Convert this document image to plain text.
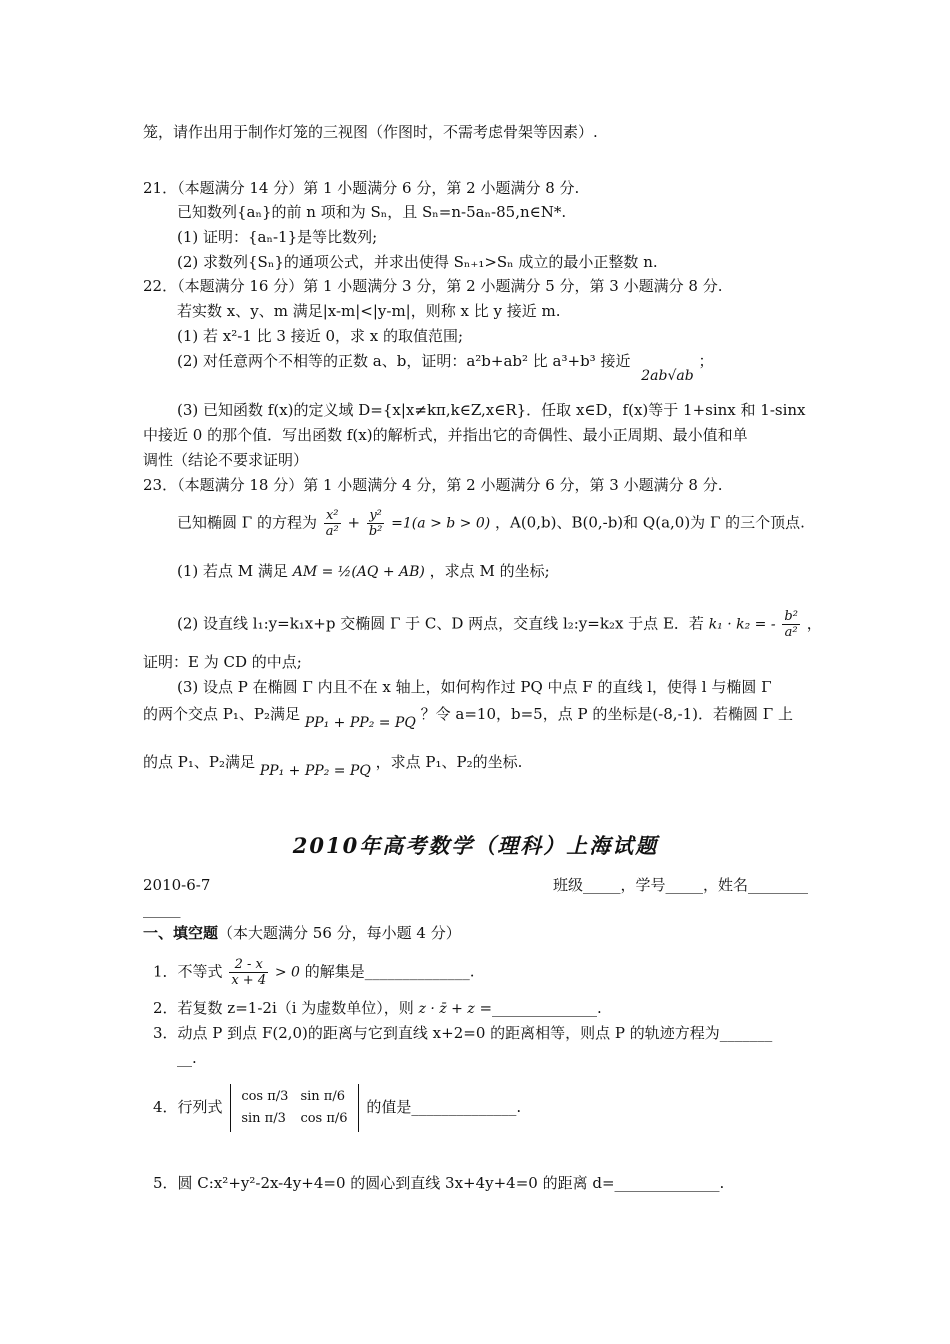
笼，请作出用于制作灯笼的三视图（作图时，不需考虑骨架等因素）.
21．（本题满分 14 分）第 1 小题满分 6 分，第 2 小题满分 8 分.
已知数列{aₙ}的前 n 项和为 Sₙ，且 Sₙ=n-5aₙ-85,n∈N*.
(1) 证明：{aₙ-1}是等比数列;
(2) 求数列{Sₙ}的通项公式，并求出使得 Sₙ₊₁>Sₙ 成立的最小正整数 n.
22．（本题满分 16 分）第 1 小题满分 3 分，第 2 小题满分 5 分，第 3 小题满分 8 分.
若实数 x、y、m 满足|x-m|<|y-m|，则称 x 比 y 接近 m.
(1) 若 x²-1 比 3 接近 0，求 x 的取值范围;
(2) 对任意两个不相等的正数 a、b，证明：a²b+ab² 比 a³+b³ 接近 2ab√ab ；
(3) 已知函数 f(x)的定义域 D={x|x≠kπ,k∈Z,x∈R}．任取 x∈D，f(x)等于 1+sinx 和 1-sinx
中接近 0 的那个值．写出函数 f(x)的解析式，并指出它的奇偶性、最小正周期、最小值和单
调性（结论不要求证明）
23．（本题满分 18 分）第 1 小题满分 4 分，第 2 小题满分 6 分，第 3 小题满分 8 分.
已知椭圆 Γ 的方程为 $\frac{\text{x²}}{\text{a²}} + \frac{\text{y²}}{\text{b²}} =1(a > b > 0)$ ，A(0,b)、B(0,-b)和 Q(a,0)为 Γ 的三个顶点.
(1) 若点 M 满足 AM = ½(AQ + AB) ，求点 M 的坐标;
(2) 设直线 l₁:y=k₁x+p 交椭圆 Γ 于 C、D 两点，交直线 l₂:y=k₂x 于点 E．若 k₁ · k₂ = - $\frac{\text{b²}}{\text{a²}}$ ，
证明：E 为 CD 的中点;
(3) 设点 P 在椭圆 Γ 内且不在 x 轴上，如何构作过 PQ 中点 F 的直线 l，使得 l 与椭圆 Γ
的两个交点 P₁、P₂满足 PP₁ + PP₂ = PQ ？令 a=10，b=5，点 P 的坐标是(-8,-1)．若椭圆 Γ 上
的点 P₁、P₂满足 PP₁ + PP₂ = PQ ，求点 P₁、P₂的坐标.
2010年高考数学（理科）上海试题
2010-6-7	班级_____，学号_____，姓名________
_____
一、填空题（本大题满分 56 分，每小题 4 分）
1．不等式 $\frac{2 - x}{x + 4} > 0$ 的解集是______________.
2．若复数 z=1-2i（i 为虚数单位），则 z · z̄ + z =______________.
3．动点 P 到点 F(2,0)的距离与它到直线 x+2=0 的距离相等，则点 P 的轨迹方程为_______
__.
4．行列式
cos π/3	sin π/6
sin π/3	cos π/6
的值是______________.
5．圆 C:x²+y²-2x-4y+4=0 的圆心到直线 3x+4y+4=0 的距离 d=______________.
